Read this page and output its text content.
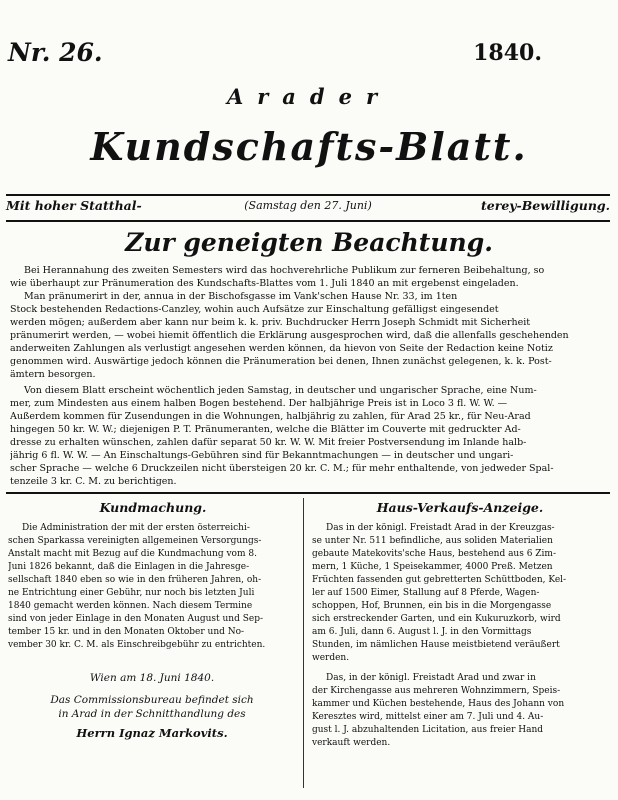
Nr. 26.	1840.
Arader
Kundschafts-Blatt.
Mit hoher Statthal-	(Samstag den 27. Juni)	terey-Bewilligung.
Zur geneigten Beachtung.
Bei Herannahung des zweiten Semesters wird das hochverehrliche Publikum zur ferneren Beibehaltung, so
wie überhaupt zur Pränumeration des Kundschafts-Blattes vom 1. Juli 1840 an mit ergebenst eingeladen.
Man pränumerirt in der, annua in der Bischofsgasse im Vank'schen Hause Nr. 33, im 1ten
Stock bestehenden Redactions-Canzley, wohin auch Aufsätze zur Einschaltung gefälligst eingesendet
werden mögen; außerdem aber kann nur beim k. k. priv. Buchdrucker Herrn Joseph Schmidt mit Sicherheit
pränumerirt werden, — wobei hiemit öffentlich die Erklärung ausgesprochen wird, daß die allenfalls geschehenden
anderweiten Zahlungen als verlustigt angesehen werden können, da hievon von Seite der Redaction keine Notiz
genommen wird. Auswärtige jedoch können die Pränumeration bei denen, Ihnen zunächst gelegenen, k. k. Post-
ämtern besorgen.
Von diesem Blatt erscheint wöchentlich jeden Samstag, in deutscher und ungarischer Sprache, eine Num-
mer, zum Mindesten aus einem halben Bogen bestehend. Der halbjährige Preis ist in Loco 3 fl. W. W. —
Außerdem kommen für Zusendungen in die Wohnungen, halbjährig zu zahlen, für Arad 25 kr., für Neu-Arad
hingegen 50 kr. W. W.; diejenigen P. T. Pränumeranten, welche die Blätter im Couverte mit gedruckter Ad-
dresse zu erhalten wünschen, zahlen dafür separat 50 kr. W. W. Mit freier Postversendung im Inlande halb-
jährig 6 fl. W. W. — An Einschaltungs-Gebühren sind für Bekanntmachungen — in deutscher und ungari-
scher Sprache — welche 6 Druckzeilen nicht übersteigen 20 kr. C. M.; für mehr enthaltende, von jedweder Spal-
tenzeile 3 kr. C. M. zu berichtigen.
Kundmachung.
Die Administration der mit der ersten österreichi-
schen Sparkassa vereinigten allgemeinen Versorgungs-
Anstalt macht mit Bezug auf die Kundmachung vom 8.
Juni 1826 bekannt, daß die Einlagen in die Jahresge-
sellschaft 1840 eben so wie in den früheren Jahren, oh-
ne Entrichtung einer Gebühr, nur noch bis letzten Juli
1840 gemacht werden können. Nach diesem Termine
sind von jeder Einlage in den Monaten August und Sep-
tember 15 kr. und in den Monaten Oktober und No-
vember 30 kr. C. M. als Einschreibgebühr zu entrichten.
Wien am 18. Juni 1840.
Das Commissionsbureau befindet sich
in Arad in der Schnitthandlung des
Herrn Ignaz Markovits.
Haus-Verkaufs-Anzeige.
Das in der königl. Freistadt Arad in der Kreuzgas-
se unter Nr. 511 befindliche, aus soliden Materialien
gebaute Matekovits'sche Haus, bestehend aus 6 Zim-
mern, 1 Küche, 1 Speisekammer, 4000 Preß. Metzen
Früchten fassenden gut gebretterten Schüttboden, Kel-
ler auf 1500 Eimer, Stallung auf 8 Pferde, Wagen-
schoppen, Hof, Brunnen, ein bis in die Morgengasse
sich erstreckender Garten, und ein Kukuruzkorb, wird
am 6. Juli, dann 6. August l. J. in den Vormittags
Stunden, im nämlichen Hause meistbietend veräußert
werden.
Das, in der königl. Freistadt Arad und zwar in
der Kirchengasse aus mehreren Wohnzimmern, Speis-
kammer und Küchen bestehende, Haus des Johann von
Keresztes wird, mittelst einer am 7. Juli und 4. Au-
gust l. J. abzuhaltenden Licitation, aus freier Hand
verkauft werden.
